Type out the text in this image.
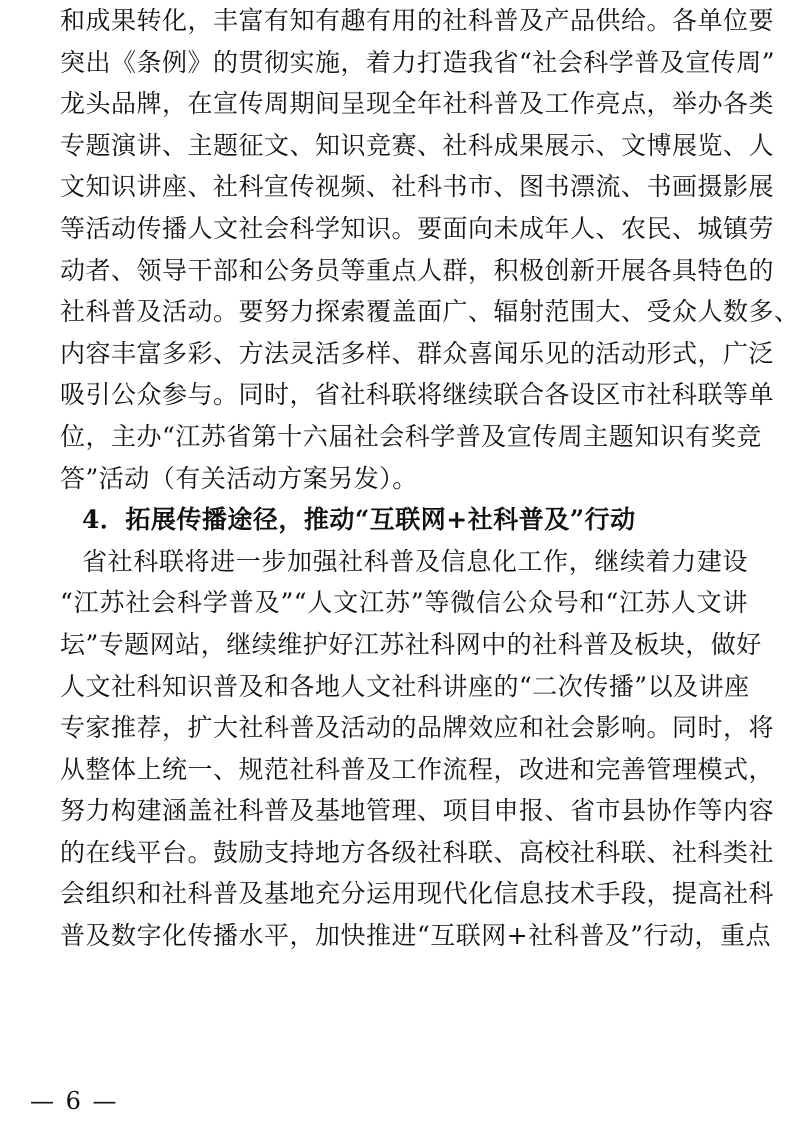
和成果转化，丰富有知有趣有用的社科普及产品供给。各单位要
突出《条例》的贯彻实施，着力打造我省“社会科学普及宣传周”
龙头品牌，在宣传周期间呈现全年社科普及工作亮点，举办各类
专题演讲、主题征文、知识竞赛、社科成果展示、文博展览、人
文知识讲座、社科宣传视频、社科书市、图书漂流、书画摄影展
等活动传播人文社会科学知识。要面向未成年人、农民、城镇劳
动者、领导干部和公务员等重点人群，积极创新开展各具特色的
社科普及活动。要努力探索覆盖面广、辐射范围大、受众人数多、
内容丰富多彩、方法灵活多样、群众喜闻乐见的活动形式，广泛
吸引公众参与。同时，省社科联将继续联合各设区市社科联等单
位，主办“江苏省第十六届社会科学普及宣传周主题知识有奖竞
答”活动（有关活动方案另发）。
4．拓展传播途径，推动“互联网+社科普及”行动
省社科联将进一步加强社科普及信息化工作，继续着力建设
“江苏社会科学普及”“人文江苏”等微信公众号和“江苏人文讲
坛”专题网站，继续维护好江苏社科网中的社科普及板块，做好
人文社科知识普及和各地人文社科讲座的“二次传播”以及讲座
专家推荐，扩大社科普及活动的品牌效应和社会影响。同时，将
从整体上统一、规范社科普及工作流程，改进和完善管理模式，
努力构建涵盖社科普及基地管理、项目申报、省市县协作等内容
的在线平台。鼓励支持地方各级社科联、高校社科联、社科类社
会组织和社科普及基地充分运用现代化信息技术手段，提高社科
普及数字化传播水平，加快推进“互联网+社科普及”行动，重点
— 6 —
